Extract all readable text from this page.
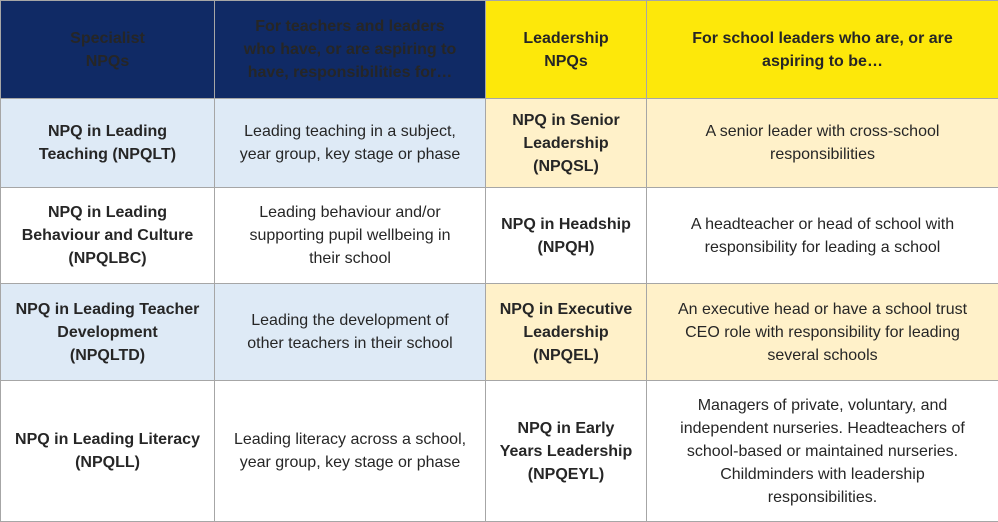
Specialist
NPQs	For teachers and leaders
who have, or are aspiring to
have, responsibilities for…	Leadership
NPQs	For school leaders who are, or are
aspiring to be…

NPQ in Leading
Teaching (NPQLT)	Leading teaching in a subject,
year group, key stage or phase	NPQ in Senior
Leadership
(NPQSL)	A senior leader with cross-school
responsibilities

NPQ in Leading
Behaviour and Culture
(NPQLBC)	Leading behaviour and/or
supporting pupil wellbeing in
their school	NPQ in Headship
(NPQH)	A headteacher or head of school with
responsibility for leading a school

NPQ in Leading Teacher
Development
(NPQLTD)	Leading the development of
other teachers in their school	NPQ in Executive
Leadership
(NPQEL)	An executive head or have a school trust
CEO role with responsibility for leading
several schools

NPQ in Leading Literacy
(NPQLL)	Leading literacy across a school,
year group, key stage or phase	NPQ in Early
Years Leadership
(NPQEYL)	Managers of private, voluntary, and
independent nurseries. Headteachers of
school-based or maintained nurseries.
Childminders with leadership
responsibilities.
